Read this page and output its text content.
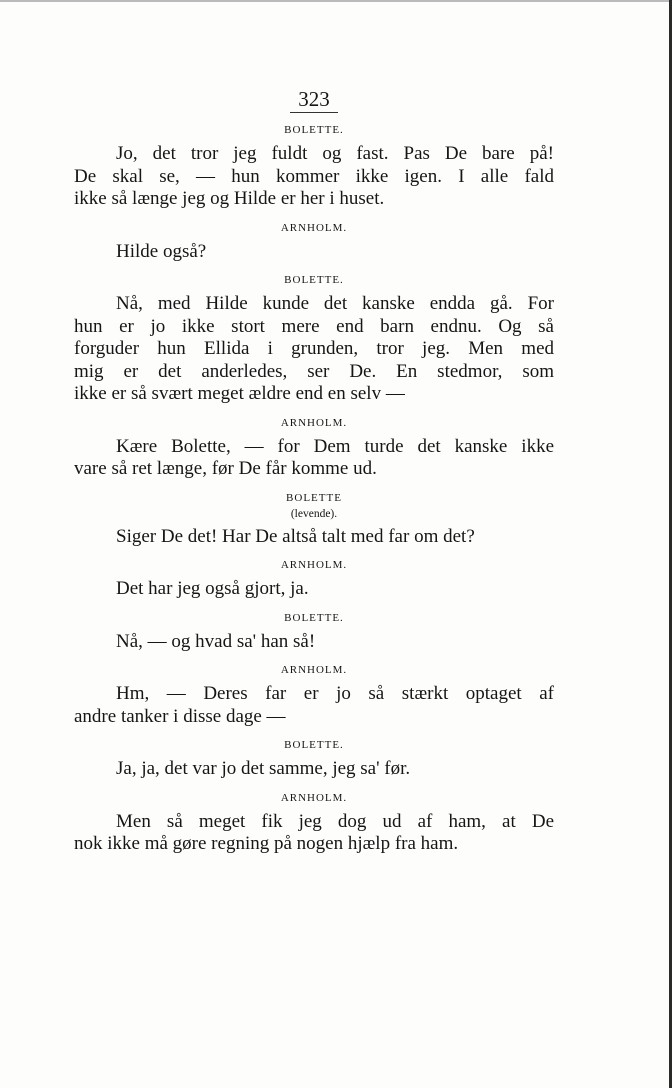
323
BOLETTE.
Jo, det tror jeg fuldt og fast. Pas De bare på!
De skal se, — hun kommer ikke igen. I alle fald
ikke så længe jeg og Hilde er her i huset.
ARNHOLM.
Hilde også?
BOLETTE.
Nå, med Hilde kunde det kanske endda gå. For
hun er jo ikke stort mere end barn endnu. Og så
forguder hun Ellida i grunden, tror jeg. Men med
mig er det anderledes, ser De. En stedmor, som
ikke er så svært meget ældre end en selv —
ARNHOLM.
Kære Bolette, — for Dem turde det kanske ikke
vare så ret længe, før De får komme ud.
BOLETTE
(levende).
Siger De det! Har De altså talt med far om det?
ARNHOLM.
Det har jeg også gjort, ja.
BOLETTE.
Nå, — og hvad sa' han så!
ARNHOLM.
Hm, — Deres far er jo så stærkt optaget af
andre tanker i disse dage —
BOLETTE.
Ja, ja, det var jo det samme, jeg sa' før.
ARNHOLM.
Men så meget fik jeg dog ud af ham, at De
nok ikke må gøre regning på nogen hjælp fra ham.
